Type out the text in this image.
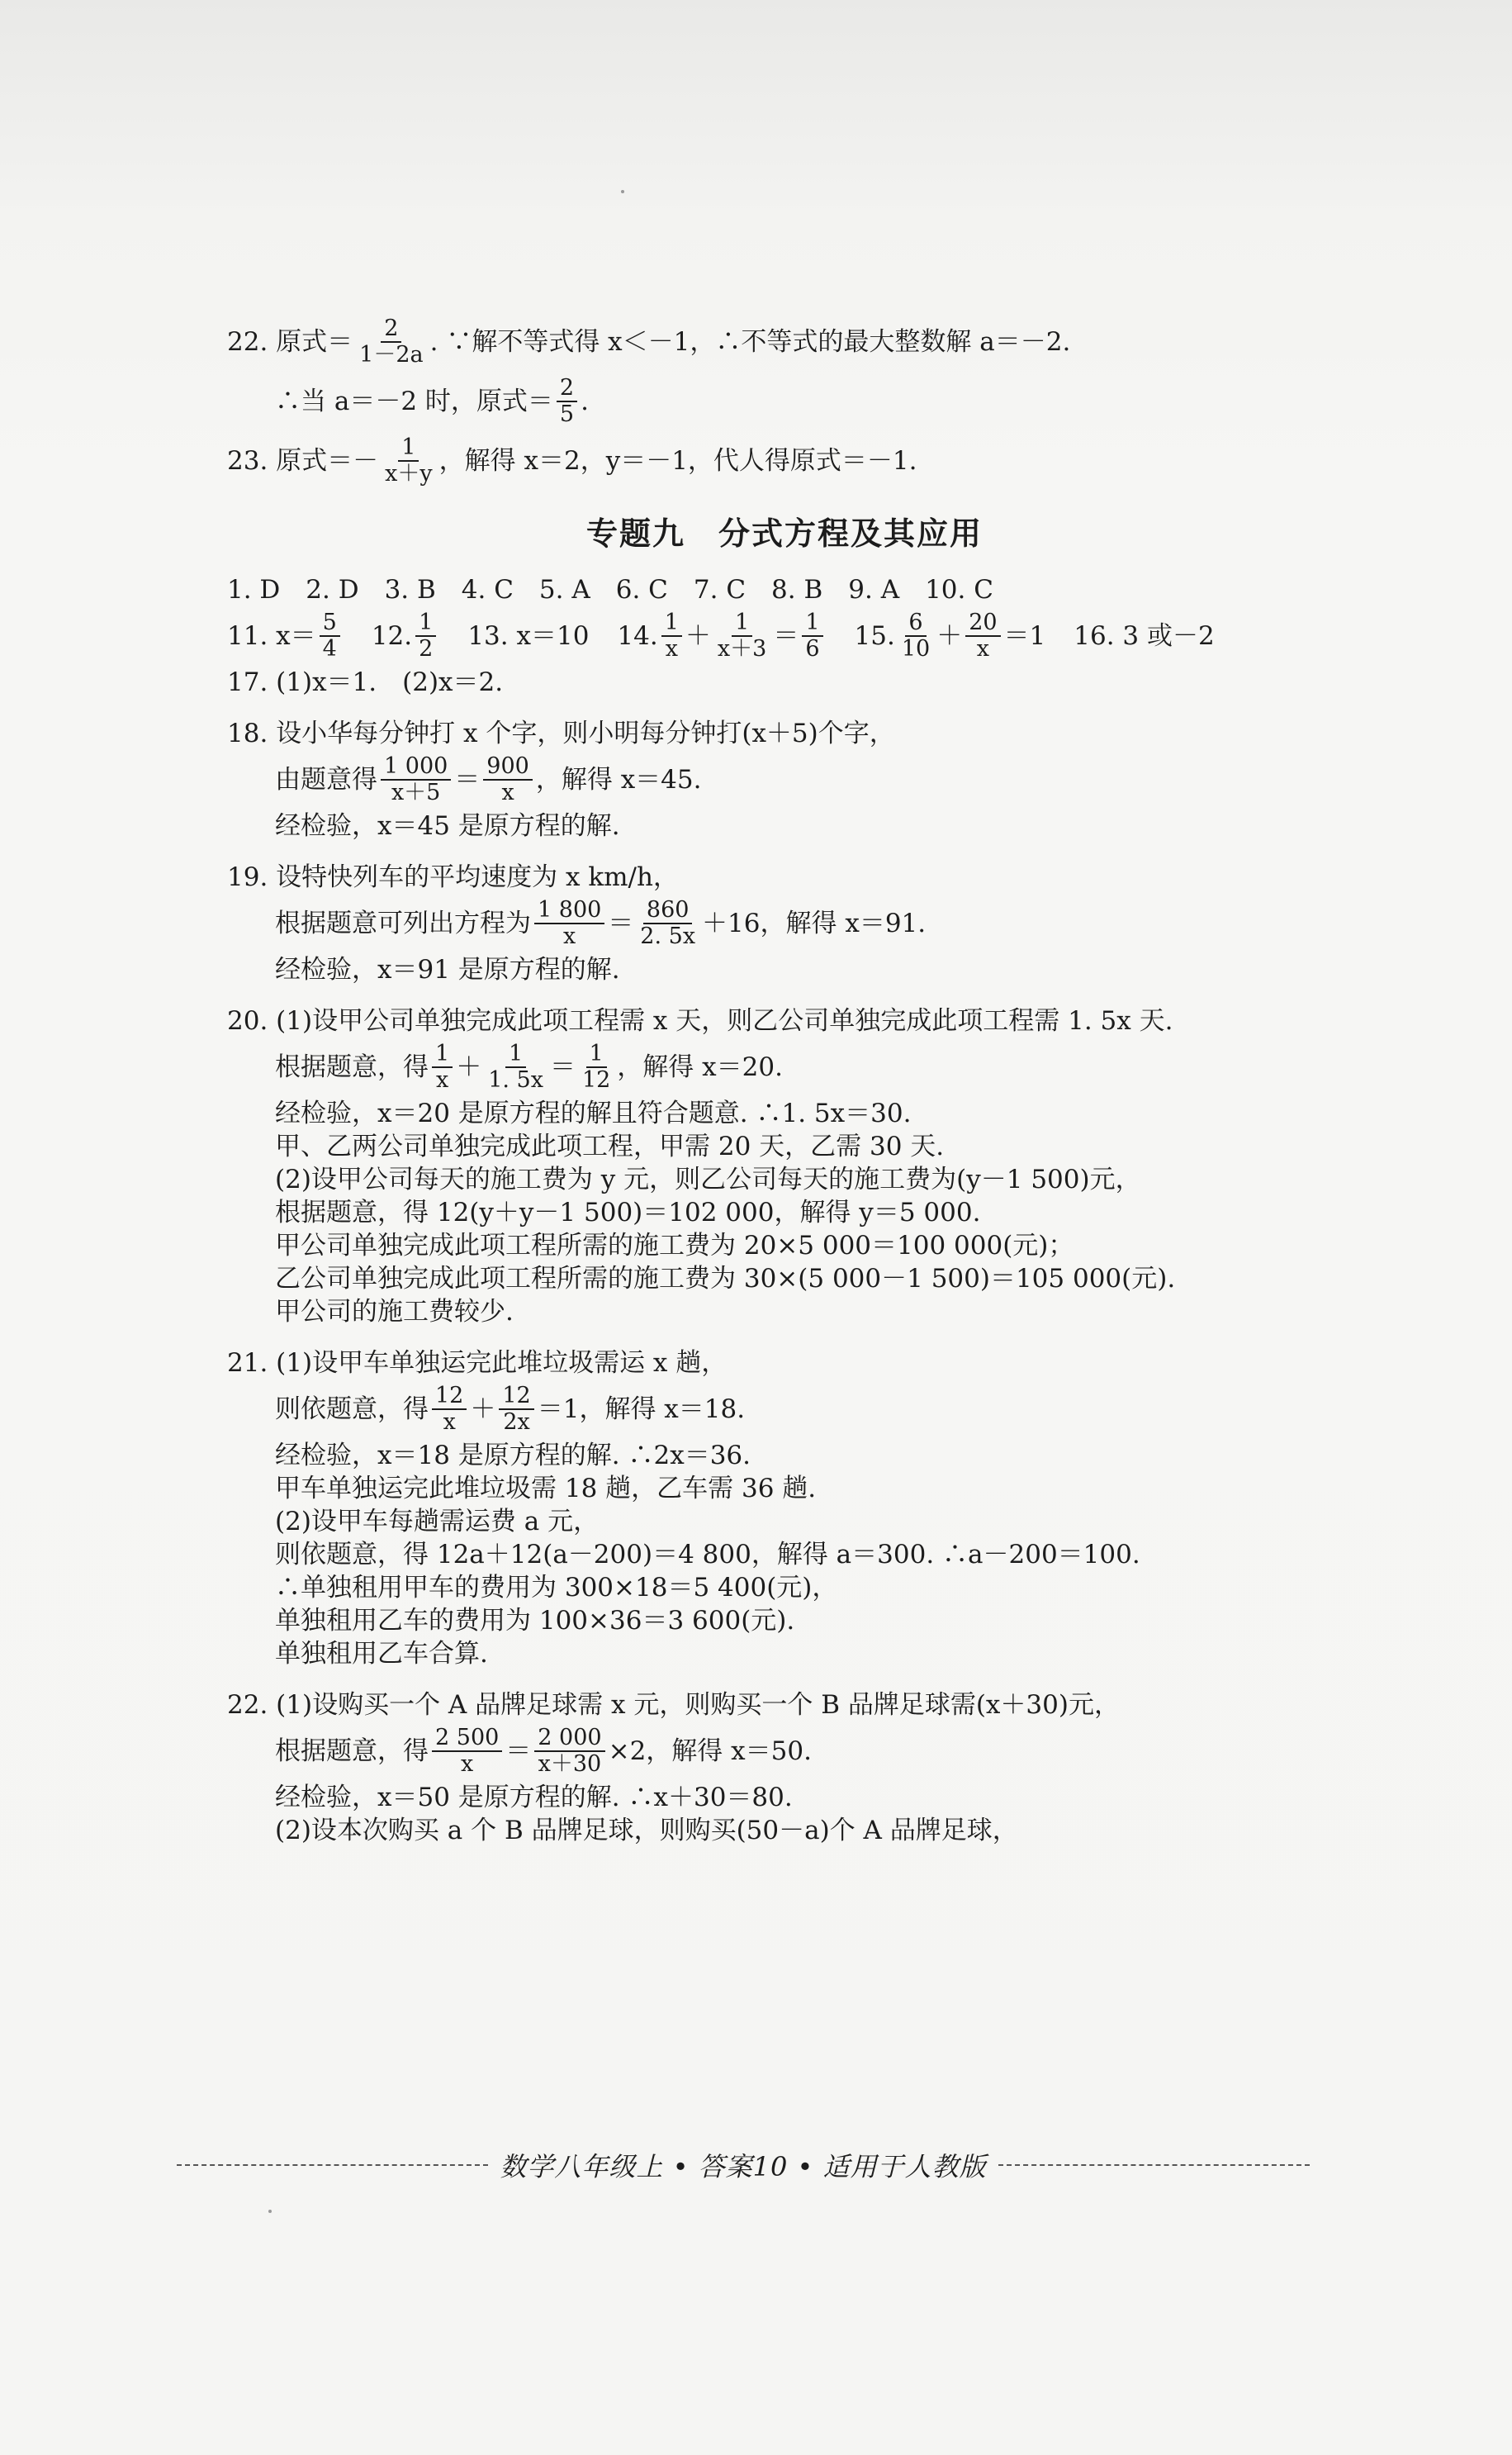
22. 原式＝ $\frac{2}{1-2a}$ . ∵解不等式得 x＜－1，∴不等式的最大整数解 a＝－2.
∴当 a＝－2 时，原式＝ $\frac{2}{5}$ .
23. 原式＝－ $\frac{1}{x+y}$ ，解得 x＝2，y＝－1，代人得原式＝－1.
专题九　分式方程及其应用

1. D　2. D　3. B　4. C　5. A　6. C　7. C　8. B　9. A　10. C

11. $x= \frac{5}{4} 12$. $\frac{1}{2} 13$. x＝10 14. $\frac{1}{x} + \frac{1}{x+3} = \frac{1}{6} 15$. $\frac{6}{10} + \frac{20}{x} =1$ 16. 3 或－2

17. (1)x＝1.　(2)x＝2.

18. 设小华每分钟打 x 个字，则小明每分钟打(x＋5)个字，

由题意得 $\frac{1 000}{x+5} = \frac{900}{x}$ ，解得 x＝45.

经检验，x＝45 是原方程的解.

19. 设特快列车的平均速度为 x km/h，

根据题意可列出方程为 $\frac{1 800}{x} = \frac{860}{2. 5x} +16$，解得 x＝91.

经检验，x＝91 是原方程的解.

20. (1)设甲公司单独完成此项工程需 x 天，则乙公司单独完成此项工程需 1. 5x 天.

根据题意，得 $\frac{1}{x} + \frac{1}{1. 5x} = \frac{1}{12}$ ，解得 x＝20.

经检验，x＝20 是原方程的解且符合题意. ∴1. 5x＝30.

甲、乙两公司单独完成此项工程，甲需 20 天，乙需 30 天.

(2)设甲公司每天的施工费为 y 元，则乙公司每天的施工费为(y－1 500)元，

根据题意，得 12(y＋y－1 500)＝102 000，解得 y＝5 000.

甲公司单独完成此项工程所需的施工费为 20×5 000＝100 000(元)；

乙公司单独完成此项工程所需的施工费为 30×(5 000－1 500)＝105 000(元).

甲公司的施工费较少.

21. (1)设甲车单独运完此堆垃圾需运 x 趟，

则依题意，得 $\frac{12}{x} + \frac{12}{2x} =1$，解得 x＝18.

经检验，x＝18 是原方程的解. ∴2x＝36.

甲车单独运完此堆垃圾需 18 趟，乙车需 36 趟.

(2)设甲车每趟需运费 a 元，

则依题意，得 12a＋12(a－200)＝4 800，解得 a＝300. ∴a－200＝100.

∴单独租用甲车的费用为 300×18＝5 400(元)，

单独租用乙车的费用为 100×36＝3 600(元).

单独租用乙车合算.

22. (1)设购买一个 A 品牌足球需 x 元，则购买一个 B 品牌足球需(x＋30)元，

根据题意，得 $\frac{2 500}{x} = \frac{2 000}{x+30} \times 2$，解得 x＝50.

经检验，x＝50 是原方程的解. ∴x＋30＝80.

(2)设本次购买 a 个 B 品牌足球，则购买(50－a)个 A 品牌足球，

数学八年级上 • 答案10 • 适用于人教版
